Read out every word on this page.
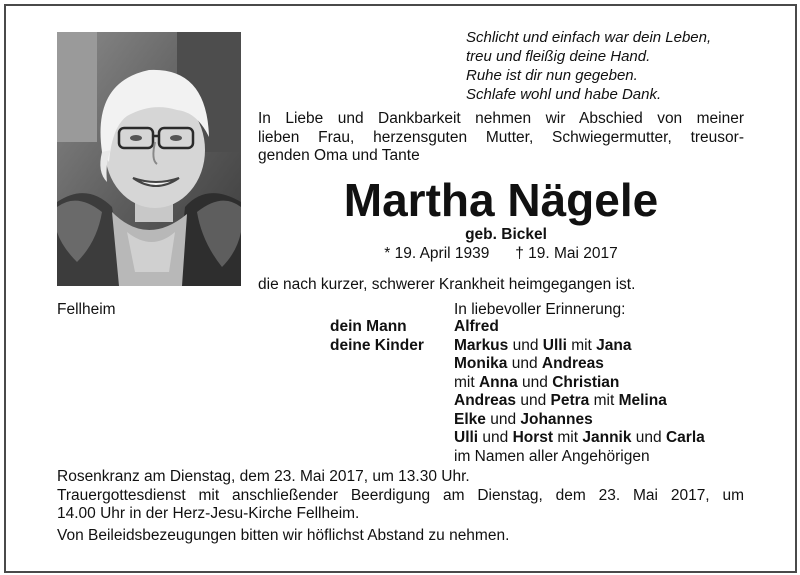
Schlicht und einfach war dein Leben,
treu und fleißig deine Hand.
Ruhe ist dir nun gegeben.
Schlafe wohl und habe Dank.
In Liebe und Dankbarkeit nehmen wir Abschied von meiner
lieben Frau, herzensguten Mutter, Schwiegermutter, treusor-
genden Oma und Tante
Martha Nägele
geb. Bickel
* 19. April 1939      † 19. Mai 2017
die nach kurzer, schwerer Krankheit heimgegangen ist.
Fellheim	In liebevoller Erinnerung:
dein Mann
deine Kinder
Alfred
Markus und Ulli mit Jana
Monika und Andreas
mit Anna und Christian
Andreas und Petra mit Melina
Elke und Johannes
Ulli und Horst mit Jannik und Carla
im Namen aller Angehörigen
Rosenkranz am Dienstag, dem 23. Mai 2017, um 13.30 Uhr.
Trauergottesdienst mit anschließender Beerdigung am Dienstag, dem 23. Mai 2017, um
14.00 Uhr in der Herz-Jesu-Kirche Fellheim.
Von Beileidsbezeugungen bitten wir höflichst Abstand zu nehmen.
